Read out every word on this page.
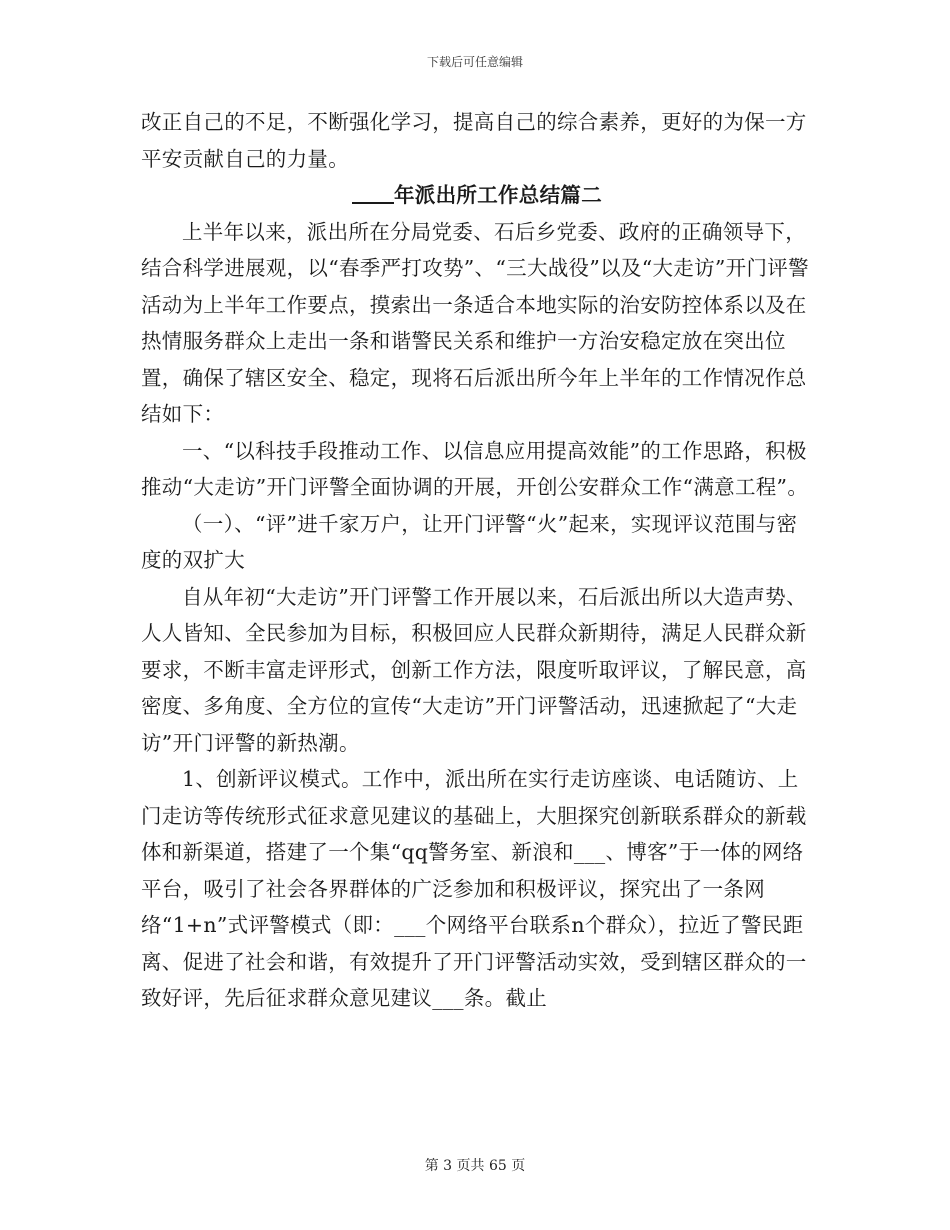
下载后可任意编辑

改正自己的不足，不断强化学习，提高自己的综合素养，更好的为保一方平安贡献自己的力量。

年派出所工作总结篇二

上半年以来，派出所在分局党委、石后乡党委、政府的正确领导下，结合科学进展观，以“春季严打攻势”、“三大战役”以及“大走访”开门评警活动为上半年工作要点，摸索出一条适合本地实际的治安防控体系以及在热情服务群众上走出一条和谐警民关系和维护一方治安稳定放在突出位置，确保了辖区安全、稳定，现将石后派出所今年上半年的工作情况作总结如下：

一、“以科技手段推动工作、以信息应用提高效能”的工作思路，积极推动“大走访”开门评警全面协调的开展，开创公安群众工作“满意工程”。

（一）、“评”进千家万户，让开门评警“火”起来，实现评议范围与密度的双扩大

自从年初“大走访”开门评警工作开展以来，石后派出所以大造声势、人人皆知、全民参加为目标，积极回应人民群众新期待，满足人民群众新要求，不断丰富走评形式，创新工作方法，限度听取评议，了解民意，高密度、多角度、全方位的宣传“大走访”开门评警活动，迅速掀起了“大走访”开门评警的新热潮。

1、创新评议模式。工作中，派出所在实行走访座谈、电话随访、上门走访等传统形式征求意见建议的基础上，大胆探究创新联系群众的新载体和新渠道，搭建了一个集“qq警务室、新浪和___、博客”于一体的网络平台，吸引了社会各界群体的广泛参加和积极评议，探究出了一条网络“1+n”式评警模式（即：___个网络平台联系n个群众），拉近了警民距离、促进了社会和谐，有效提升了开门评警活动实效，受到辖区群众的一致好评，先后征求群众意见建议___条。截止

第 3 页共 65 页
